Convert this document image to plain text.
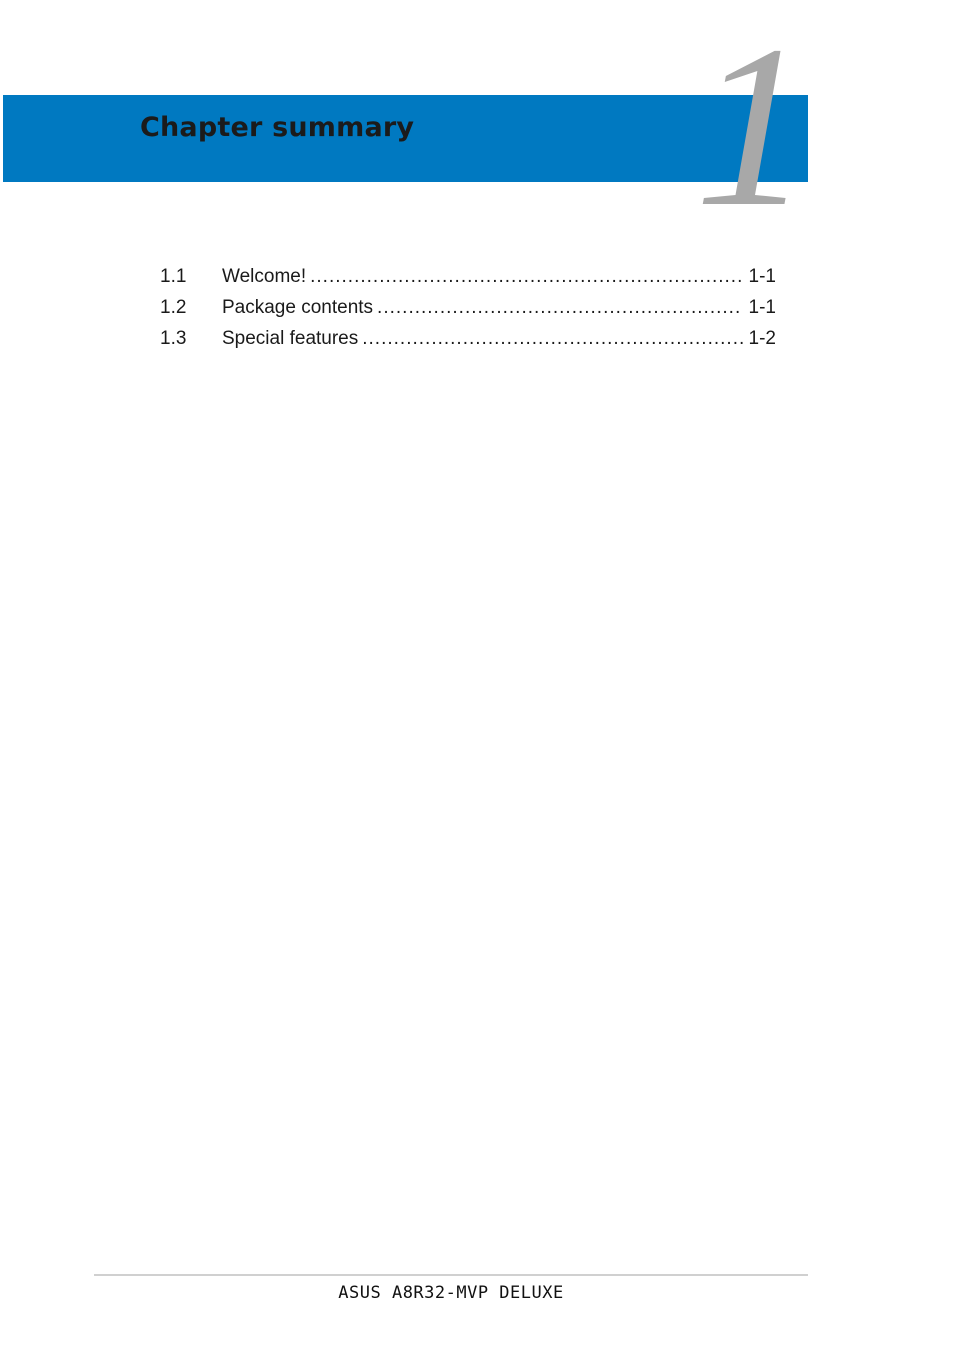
Chapter summary 1
1.1	Welcome! .....	1-1
1.2	Package contents .....	1-1
1.3	Special features .....	1-2
ASUS A8R32-MVP DELUXE
